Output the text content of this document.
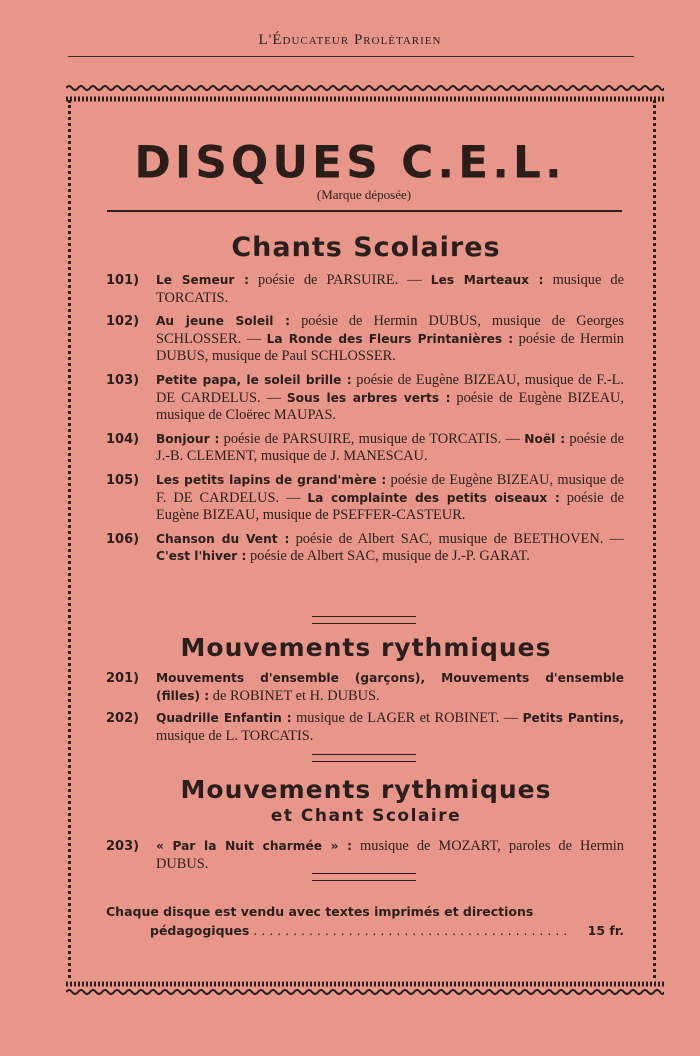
L'Éducateur Prolétarien
DISQUES C.E.L.
(Marque déposée)
Chants Scolaires
101)	Le Semeur : poésie de PARSUIRE. — Les Marteaux : musique de TORCATIS.
102)	Au jeune Soleil : poésie de Hermin DUBUS, musique de Georges SCHLOSSER. — La Ronde des Fleurs Printanières : poésie de Hermin DUBUS, musique de Paul SCHLOSSER.
103)	Petite papa, le soleil brille : poésie de Eugène BIZEAU, musique de F.-L. DE CARDELUS. — Sous les arbres verts : poésie de Eugène BIZEAU, musique de Cloërec MAUPAS.
104)	Bonjour : poésie de PARSUIRE, musique de TORCATIS. — Noël : poésie de J.-B. CLEMENT, musique de J. MANESCAU.
105)	Les petits lapins de grand'mère : poésie de Eugène BIZEAU, musique de F. DE CARDELUS. — La complainte des petits oiseaux : poésie de Eugène BIZEAU, musique de PSEFFER-CASTEUR.
106)	Chanson du Vent : poésie de Albert SAC, musique de BEETHOVEN. — C'est l'hiver : poésie de Albert SAC, musique de J.-P. GARAT.
Mouvements rythmiques
201)	Mouvements d'ensemble (garçons), Mouvements d'ensemble (filles) : de ROBINET et H. DUBUS.
202)	Quadrille Enfantin : musique de LAGER et ROBINET. — Petits Pantins, musique de L. TORCATIS.
Mouvements rythmiques
et Chant Scolaire
203)	« Par la Nuit charmée » : musique de MOZART, paroles de Hermin DUBUS.
Chaque disque est vendu avec textes imprimés et directions
pédagogiques . . . . . . . . . . . . . . . . . . . . . . . . . . . . . . . . . . . . . . . .	15 fr.
